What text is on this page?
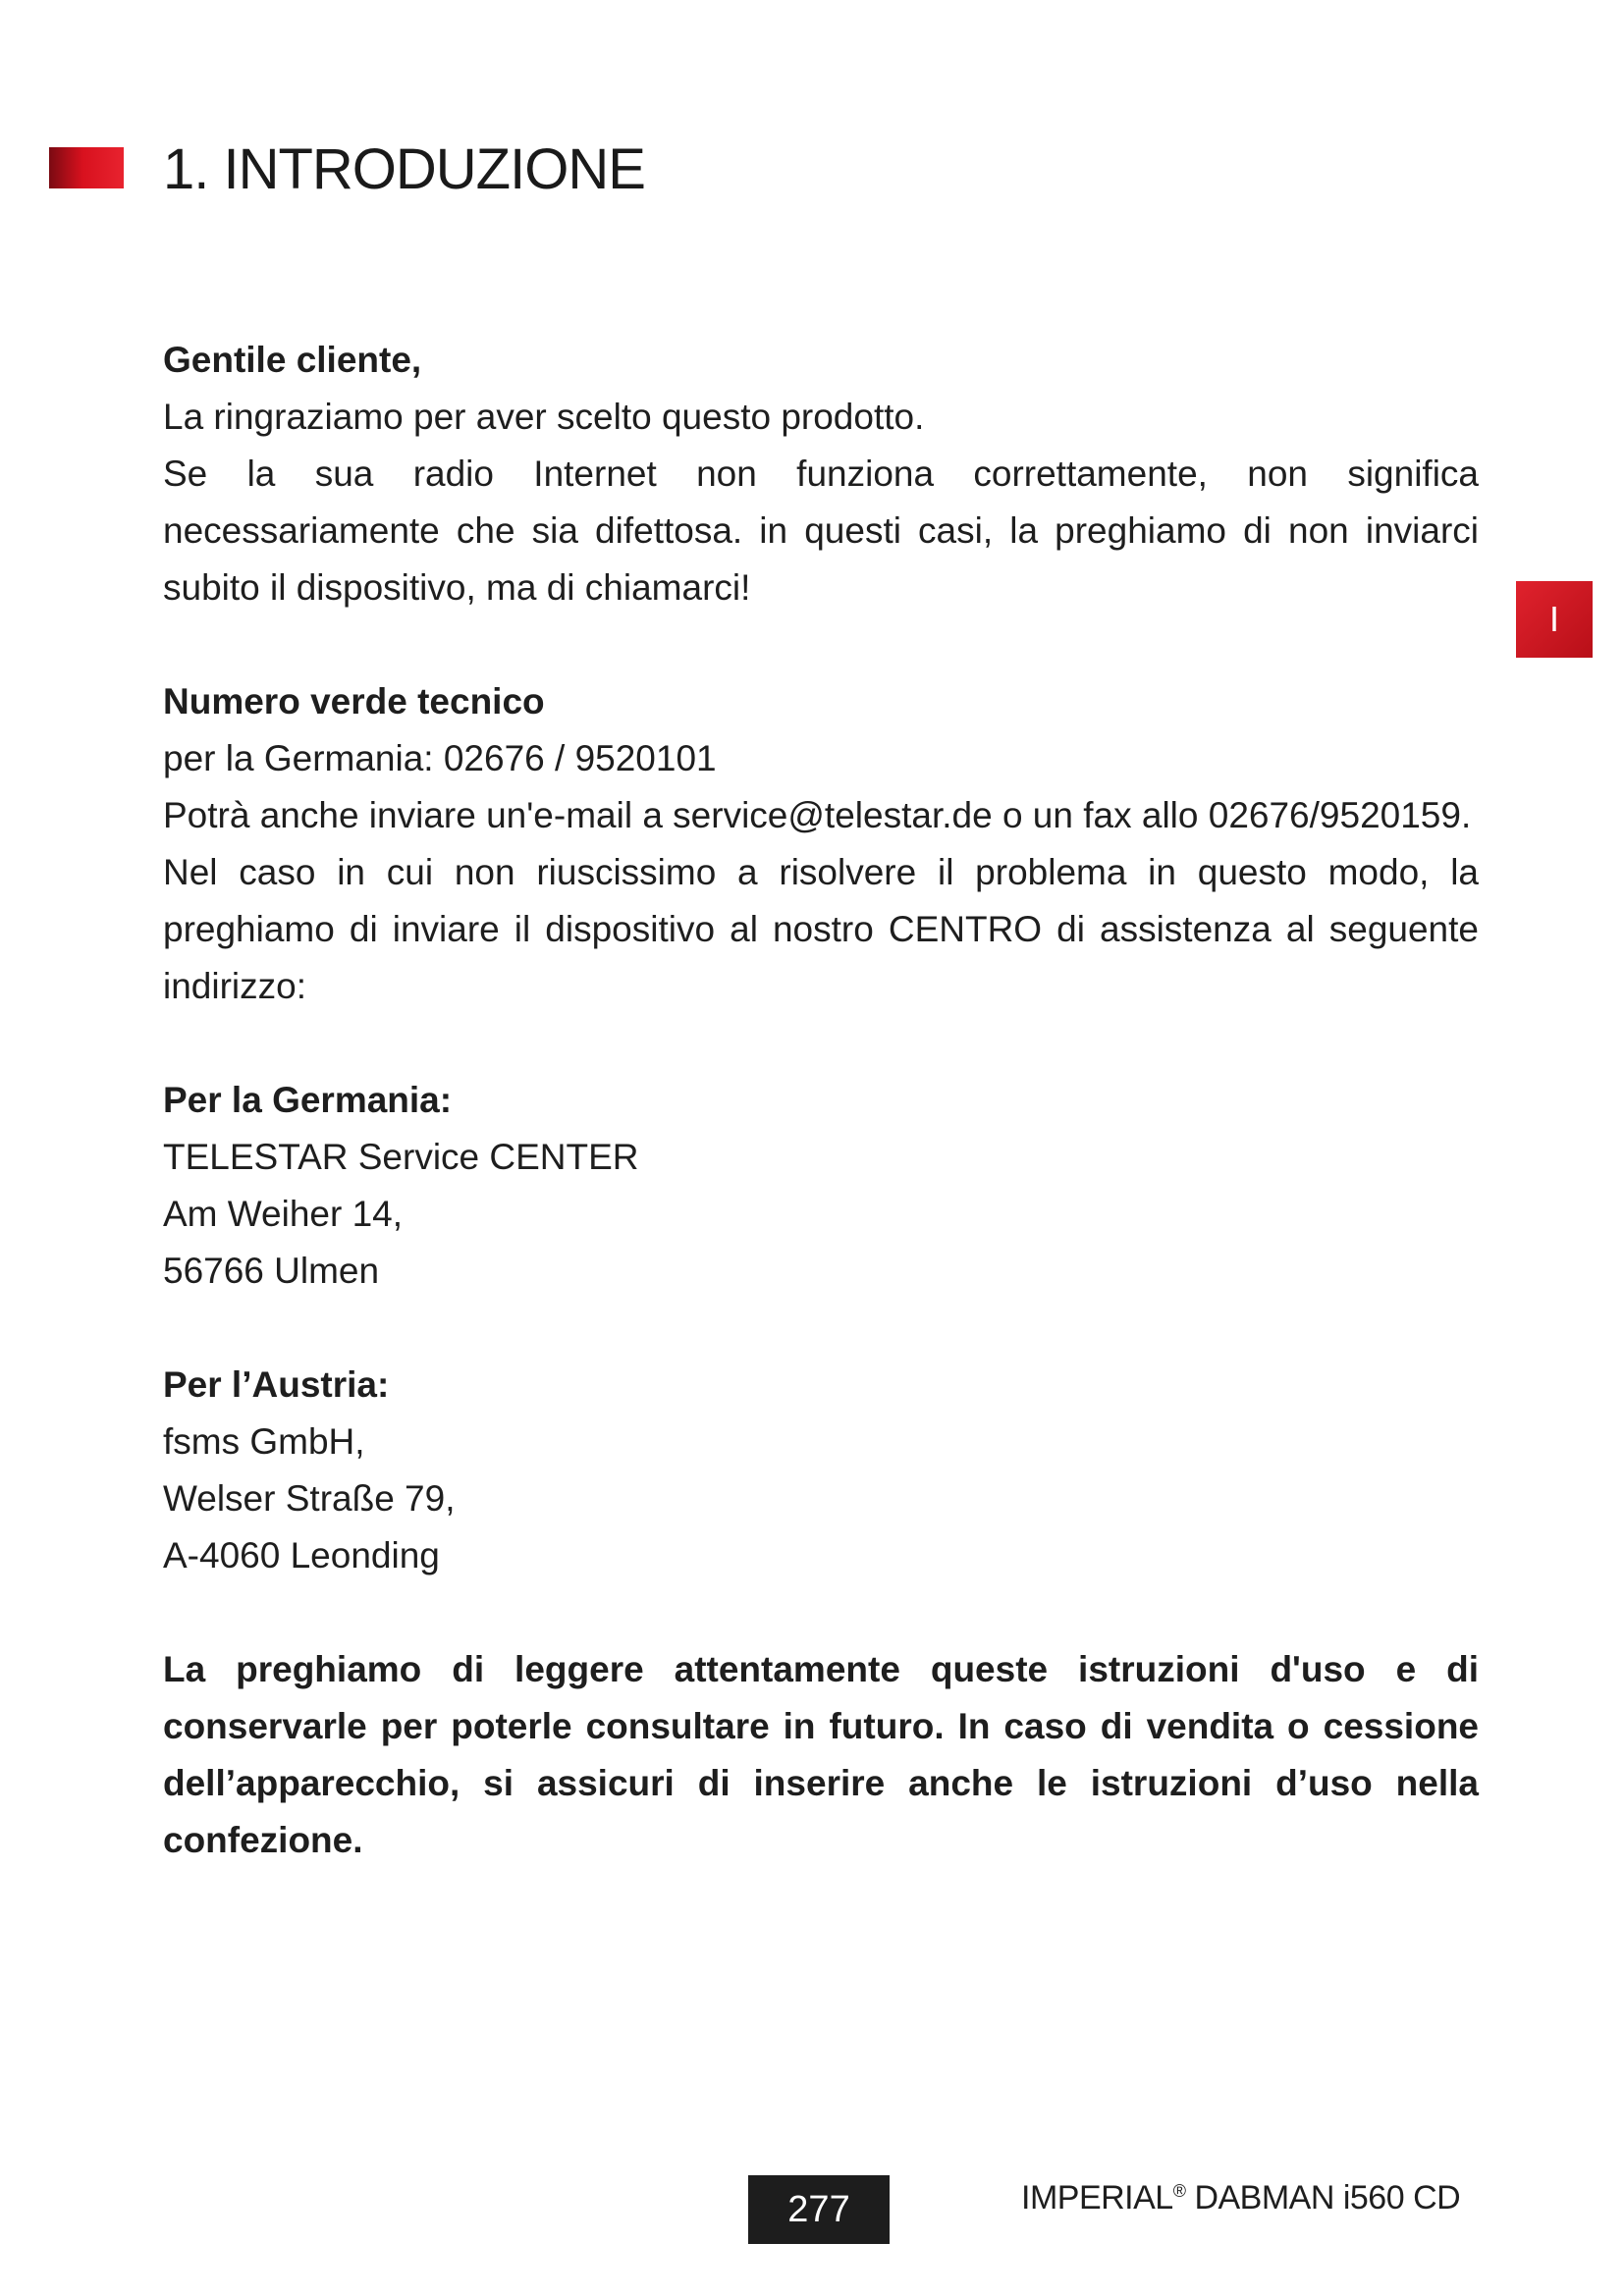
1. INTRODUZIONE
I

Gentile cliente,

La ringraziamo per aver scelto questo prodotto.

Se la sua radio Internet non funziona correttamente, non significa necessariamente che sia difettosa. in questi casi, la preghiamo di non inviarci subito il dispositivo, ma di chiamarci!

Numero verde tecnico

per la Germania: 02676 / 9520101

Potrà anche inviare un'e-mail a service@telestar.de o un fax allo 02676/9520159.

Nel caso in cui non riuscissimo a risolvere il problema in questo modo, la preghiamo di inviare il dispositivo al nostro CENTRO di assistenza al seguente indirizzo:

Per la Germania:

TELESTAR Service CENTER

Am Weiher 14,

56766 Ulmen

Per l’Austria:

fsms GmbH,

Welser Straße 79,

A-4060 Leonding

La preghiamo di leggere attentamente queste istruzioni d'uso e di conservarle per poterle consultare in futuro. In caso di vendita o cessione dell’apparecchio, si assicuri di inserire anche le istruzioni d’uso nella confezione.

277	IMPERIAL® DABMAN i560 CD
